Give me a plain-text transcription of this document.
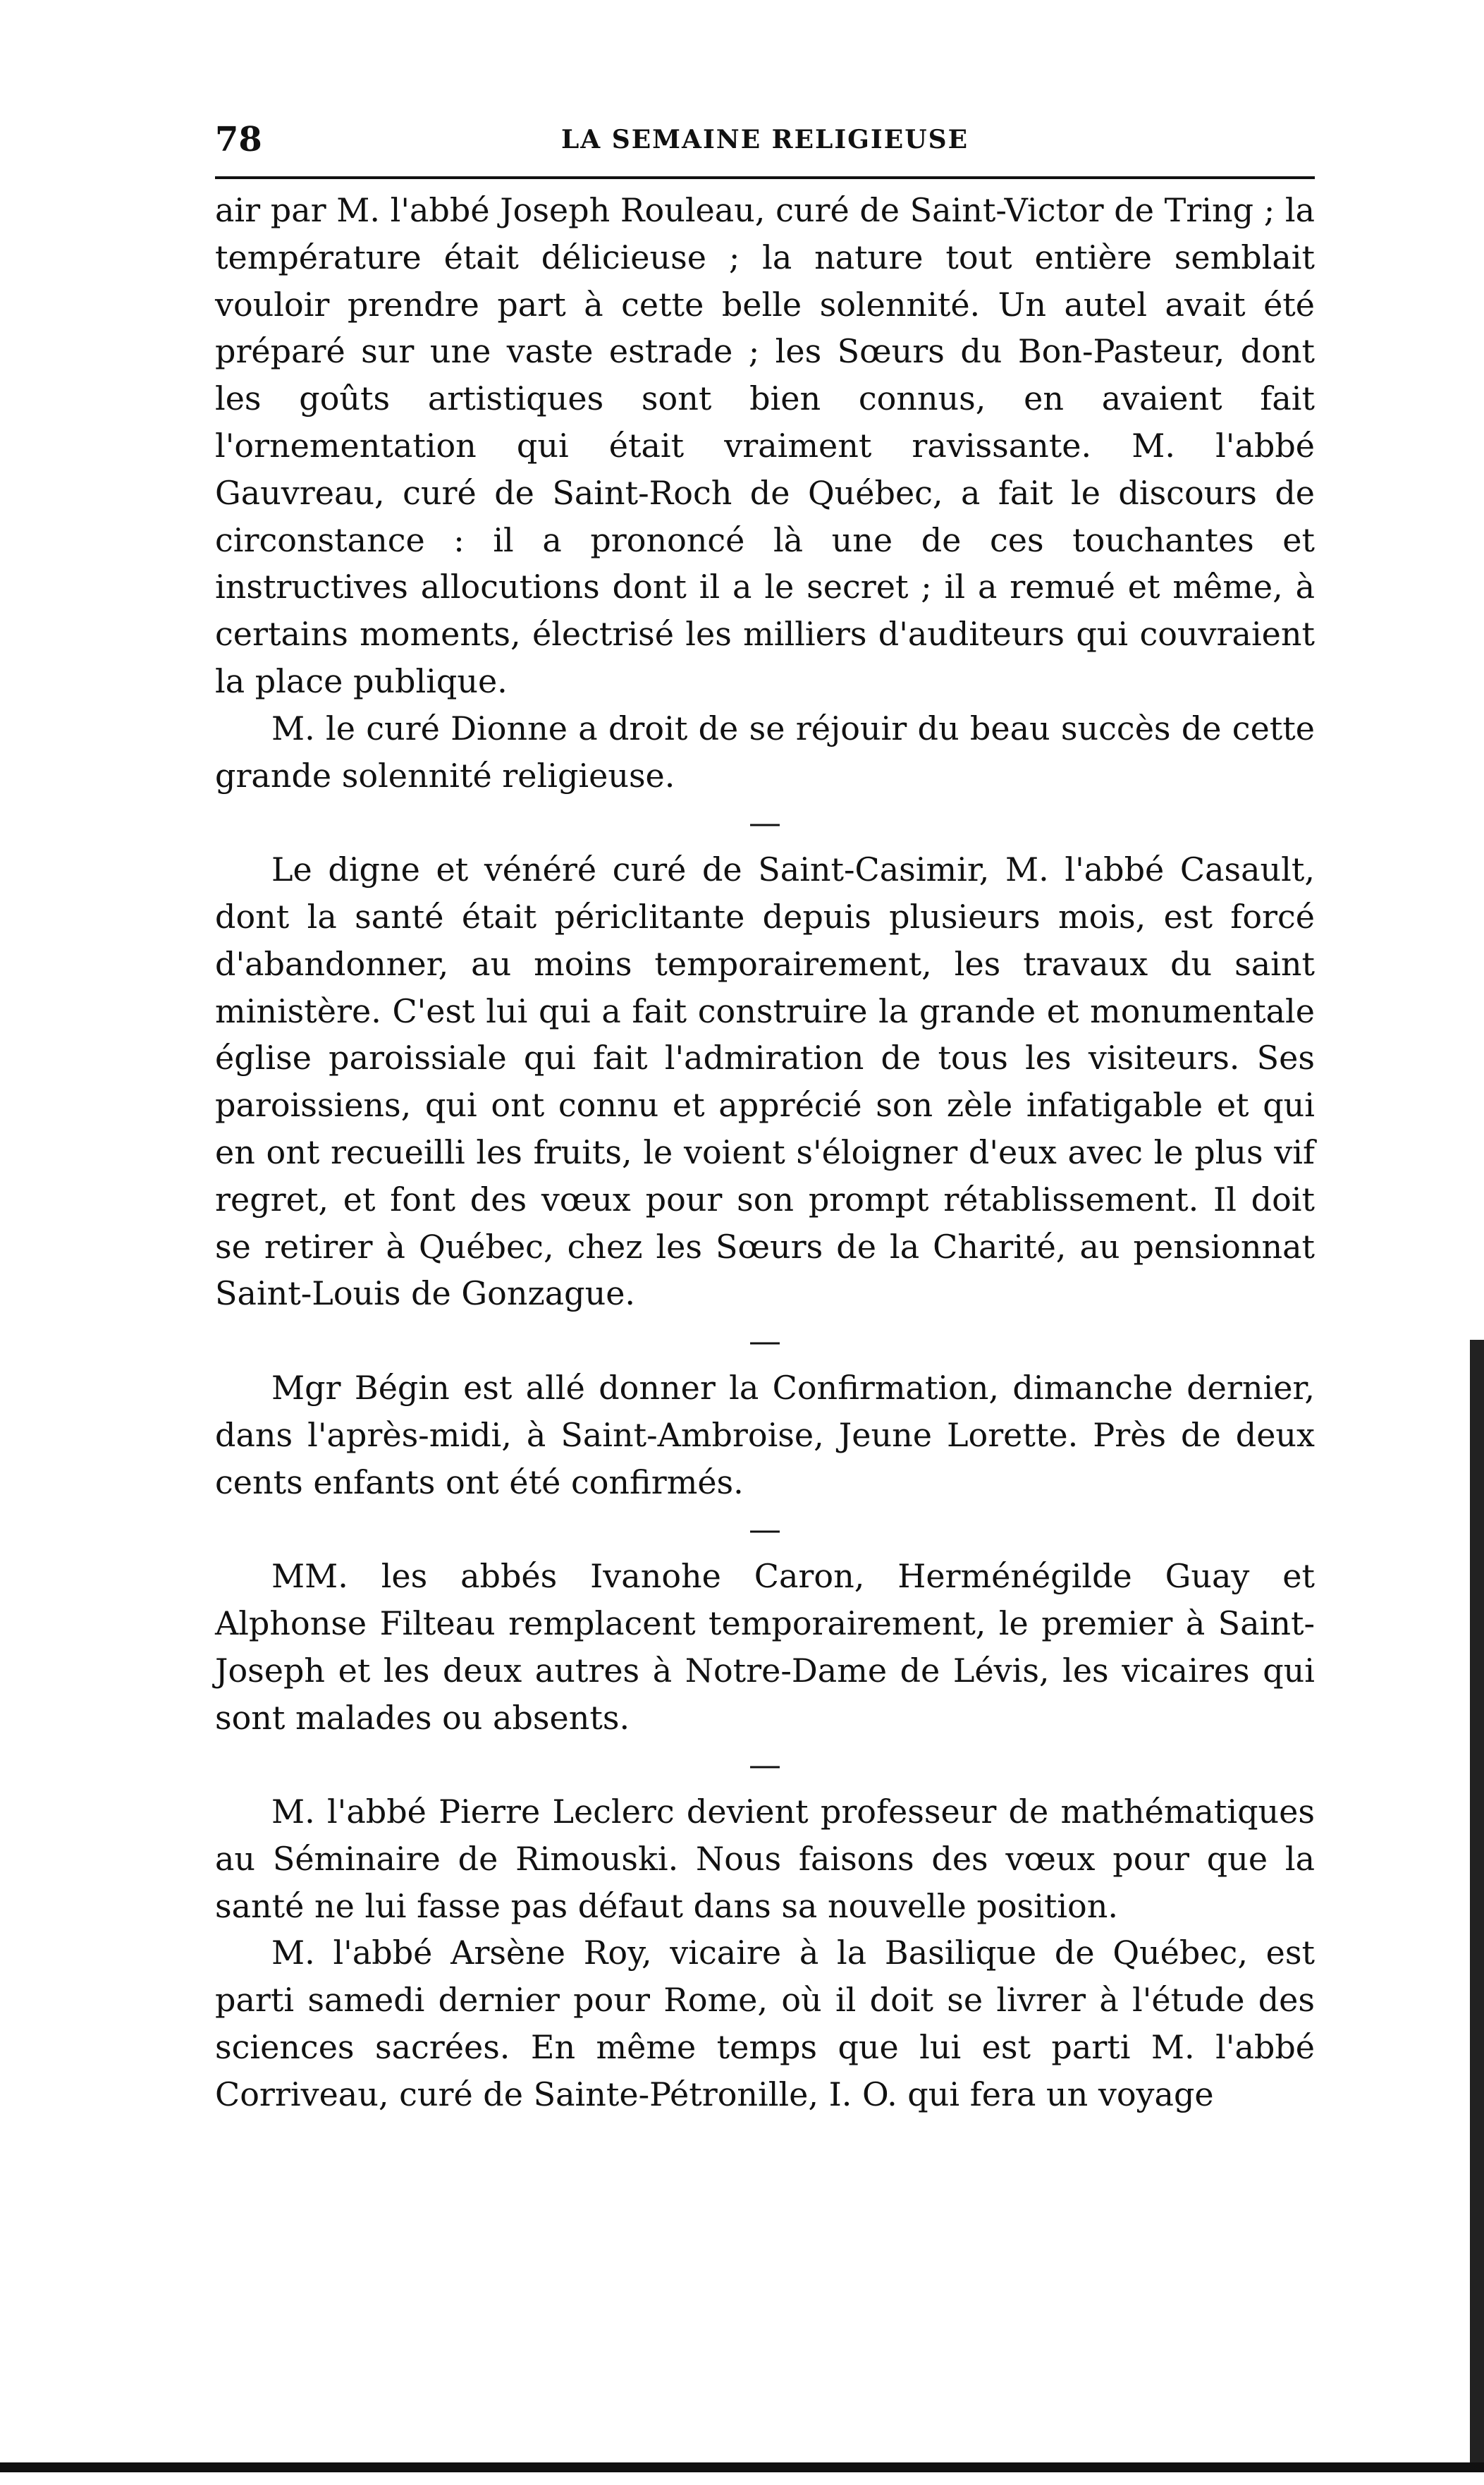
78	LA SEMAINE RELIGIEUSE

air par M. l'abbé Joseph Rouleau, curé de Saint-Victor de Tring ; la température était délicieuse ; la nature tout entière semblait vouloir prendre part à cette belle solennité. Un autel avait été préparé sur une vaste estrade ; les Sœurs du Bon-Pasteur, dont les goûts artistiques sont bien connus, en avaient fait l'ornementation qui était vraiment ravissante. M. l'abbé Gauvreau, curé de Saint-Roch de Québec, a fait le discours de circonstance : il a prononcé là une de ces touchantes et instructives allocutions dont il a le secret ; il a remué et même, à certains moments, électrisé les milliers d'auditeurs qui couvraient la place publique.

M. le curé Dionne a droit de se réjouir du beau succès de cette grande solennité religieuse.

—

Le digne et vénéré curé de Saint-Casimir, M. l'abbé Casault, dont la santé était périclitante depuis plusieurs mois, est forcé d'abandonner, au moins temporairement, les travaux du saint ministère. C'est lui qui a fait construire la grande et monumentale église paroissiale qui fait l'admiration de tous les visiteurs. Ses paroissiens, qui ont connu et apprécié son zèle infatigable et qui en ont recueilli les fruits, le voient s'éloigner d'eux avec le plus vif regret, et font des vœux pour son prompt rétablissement. Il doit se retirer à Québec, chez les Sœurs de la Charité, au pensionnat Saint-Louis de Gonzague.

—

Mgr Bégin est allé donner la Confirmation, dimanche dernier, dans l'après-midi, à Saint-Ambroise, Jeune Lorette. Près de deux cents enfants ont été confirmés.

—

MM. les abbés Ivanohe Caron, Herménégilde Guay et Alphonse Filteau remplacent temporairement, le premier à Saint-Joseph et les deux autres à Notre-Dame de Lévis, les vicaires qui sont malades ou absents.

—

M. l'abbé Pierre Leclerc devient professeur de mathématiques au Séminaire de Rimouski. Nous faisons des vœux pour que la santé ne lui fasse pas défaut dans sa nouvelle position.

M. l'abbé Arsène Roy, vicaire à la Basilique de Québec, est parti samedi dernier pour Rome, où il doit se livrer à l'étude des sciences sacrées. En même temps que lui est parti M. l'abbé Corriveau, curé de Sainte-Pétronille, I. O. qui fera un voyage
